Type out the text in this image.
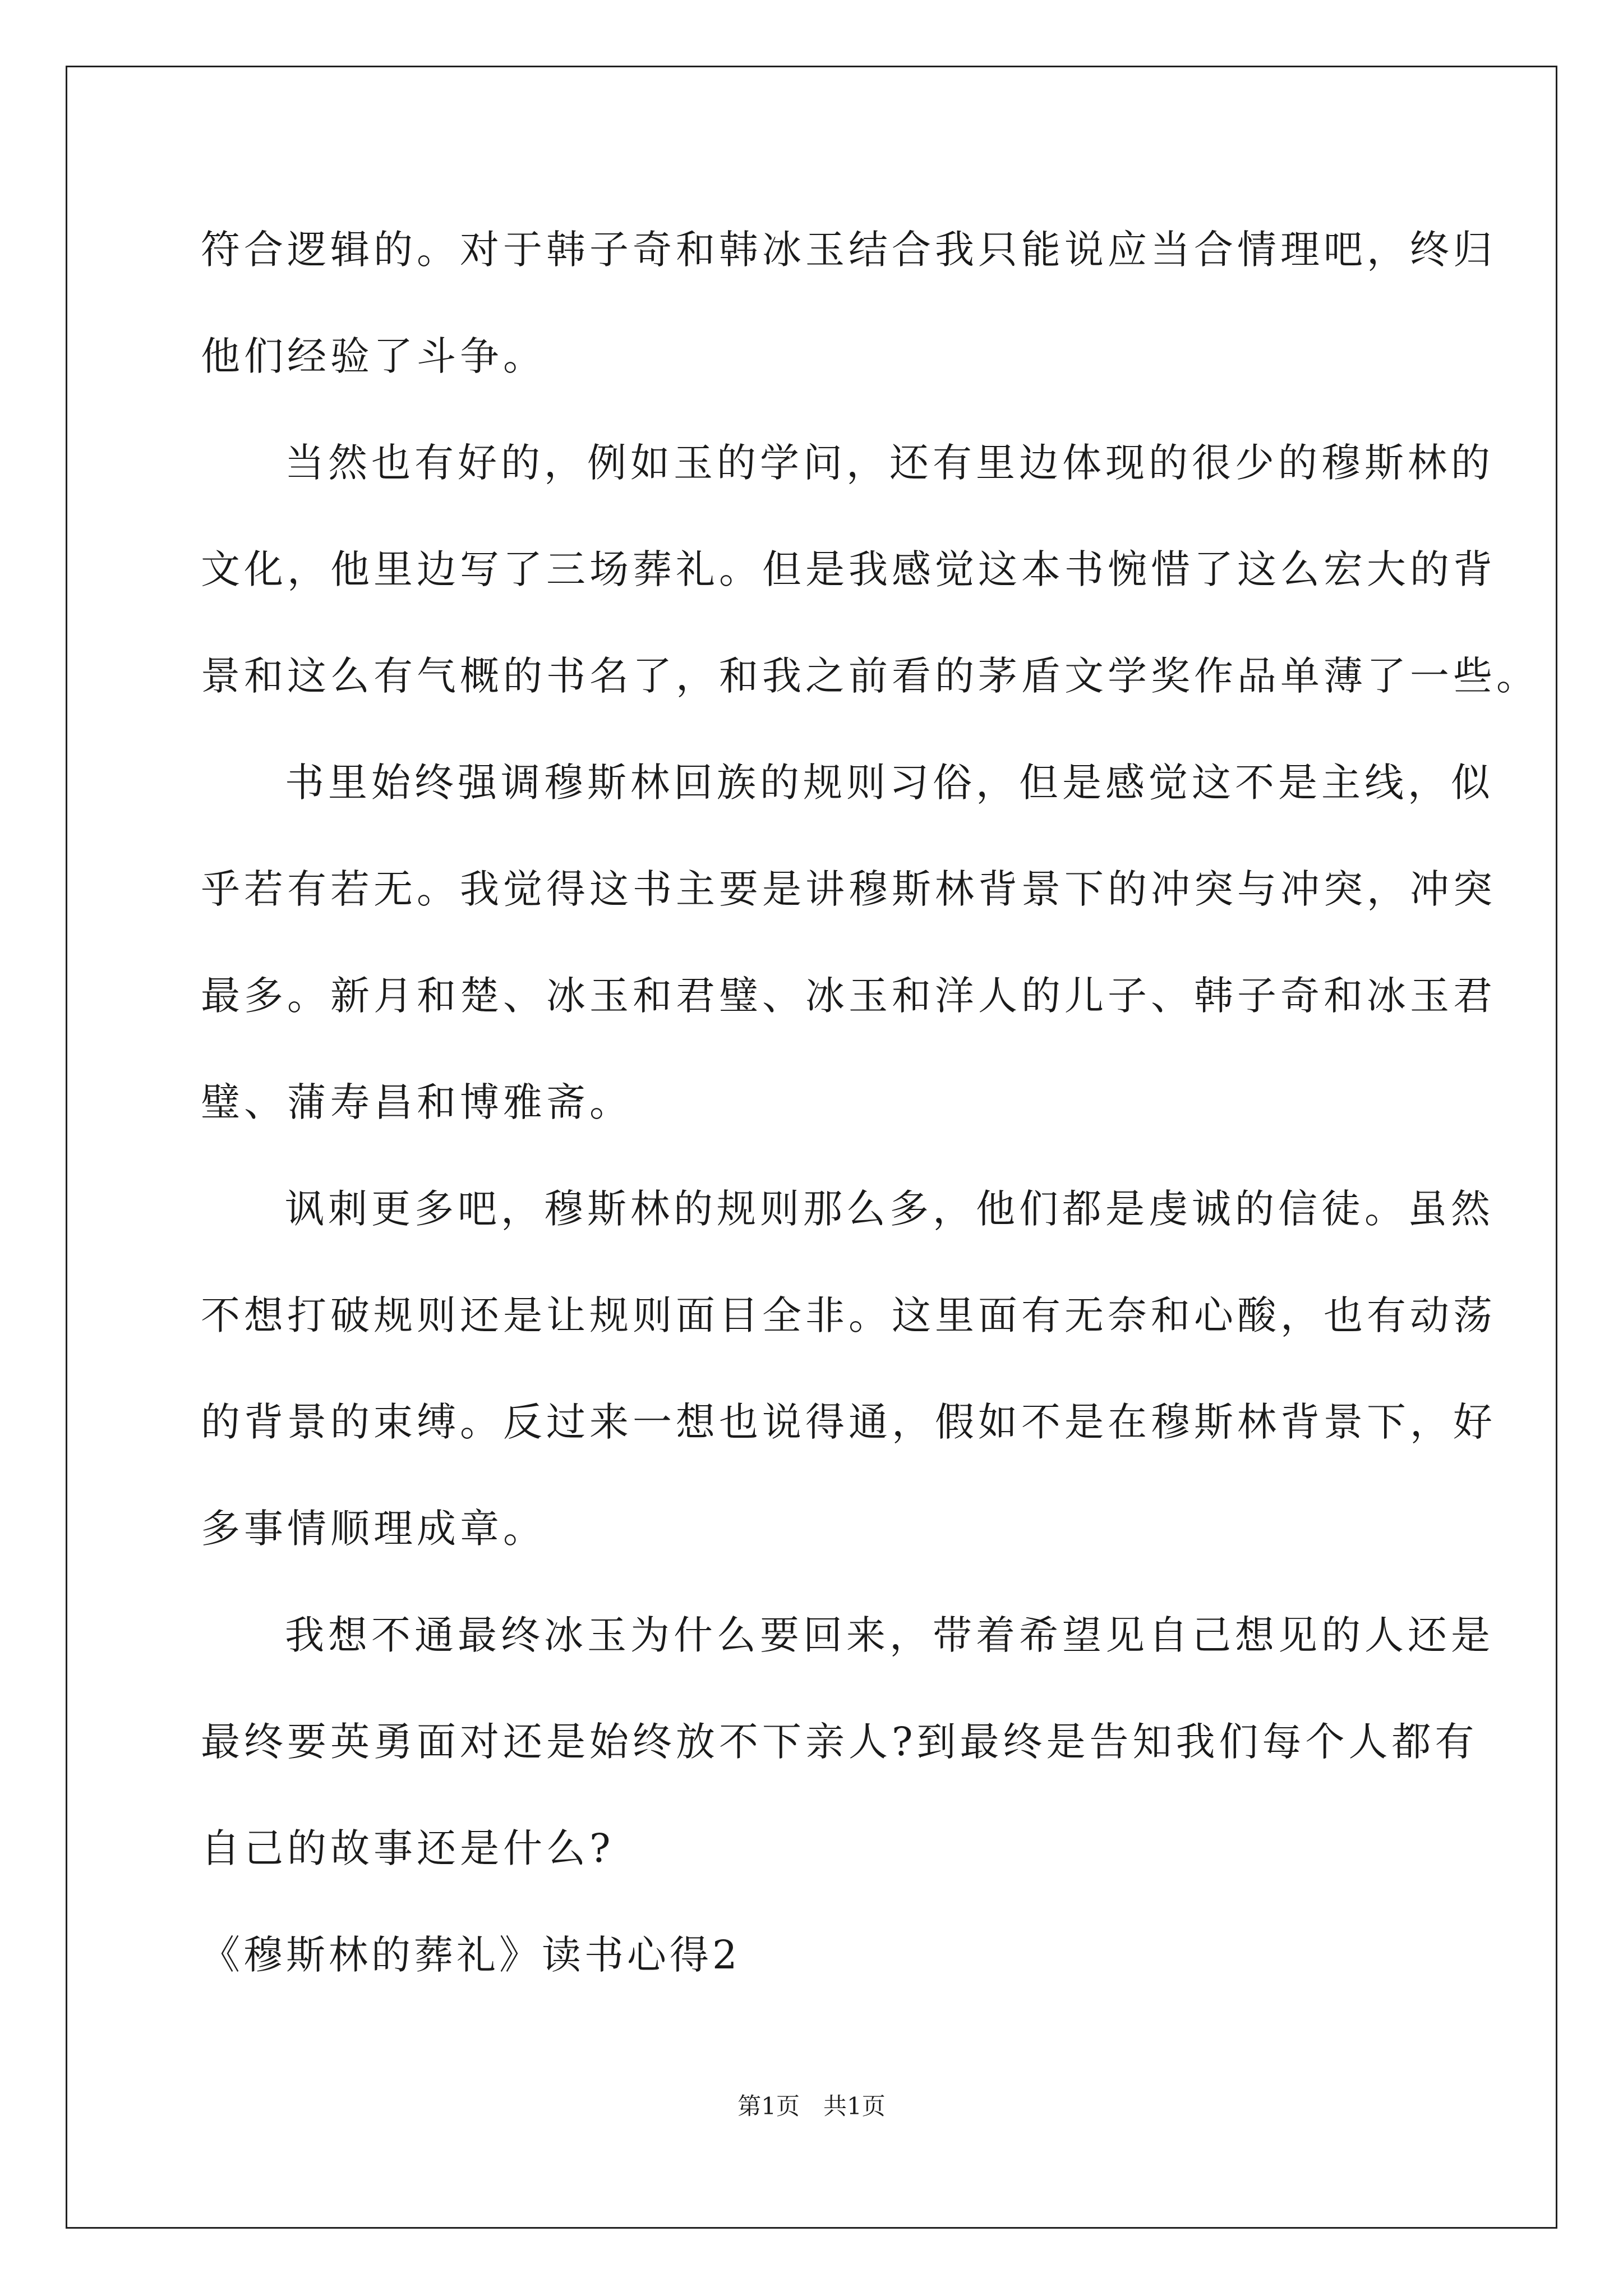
符合逻辑的。对于韩子奇和韩冰玉结合我只能说应当合情理吧，终归
他们经验了斗争。
当然也有好的，例如玉的学问，还有里边体现的很少的穆斯林的
文化，他里边写了三场葬礼。但是我感觉这本书惋惜了这么宏大的背
景和这么有气概的书名了，和我之前看的茅盾文学奖作品单薄了一些。
书里始终强调穆斯林回族的规则习俗，但是感觉这不是主线，似
乎若有若无。我觉得这书主要是讲穆斯林背景下的冲突与冲突，冲突
最多。新月和楚、冰玉和君璧、冰玉和洋人的儿子、韩子奇和冰玉君
璧、蒲寿昌和博雅斋。
讽刺更多吧，穆斯林的规则那么多，他们都是虔诚的信徒。虽然
不想打破规则还是让规则面目全非。这里面有无奈和心酸，也有动荡
的背景的束缚。反过来一想也说得通，假如不是在穆斯林背景下，好
多事情顺理成章。
我想不通最终冰玉为什么要回来，带着希望见自己想见的人还是
最终要英勇面对还是始终放不下亲人?到最终是告知我们每个人都有
自己的故事还是什么?
《穆斯林的葬礼》读书心得2
第1页　共1页
